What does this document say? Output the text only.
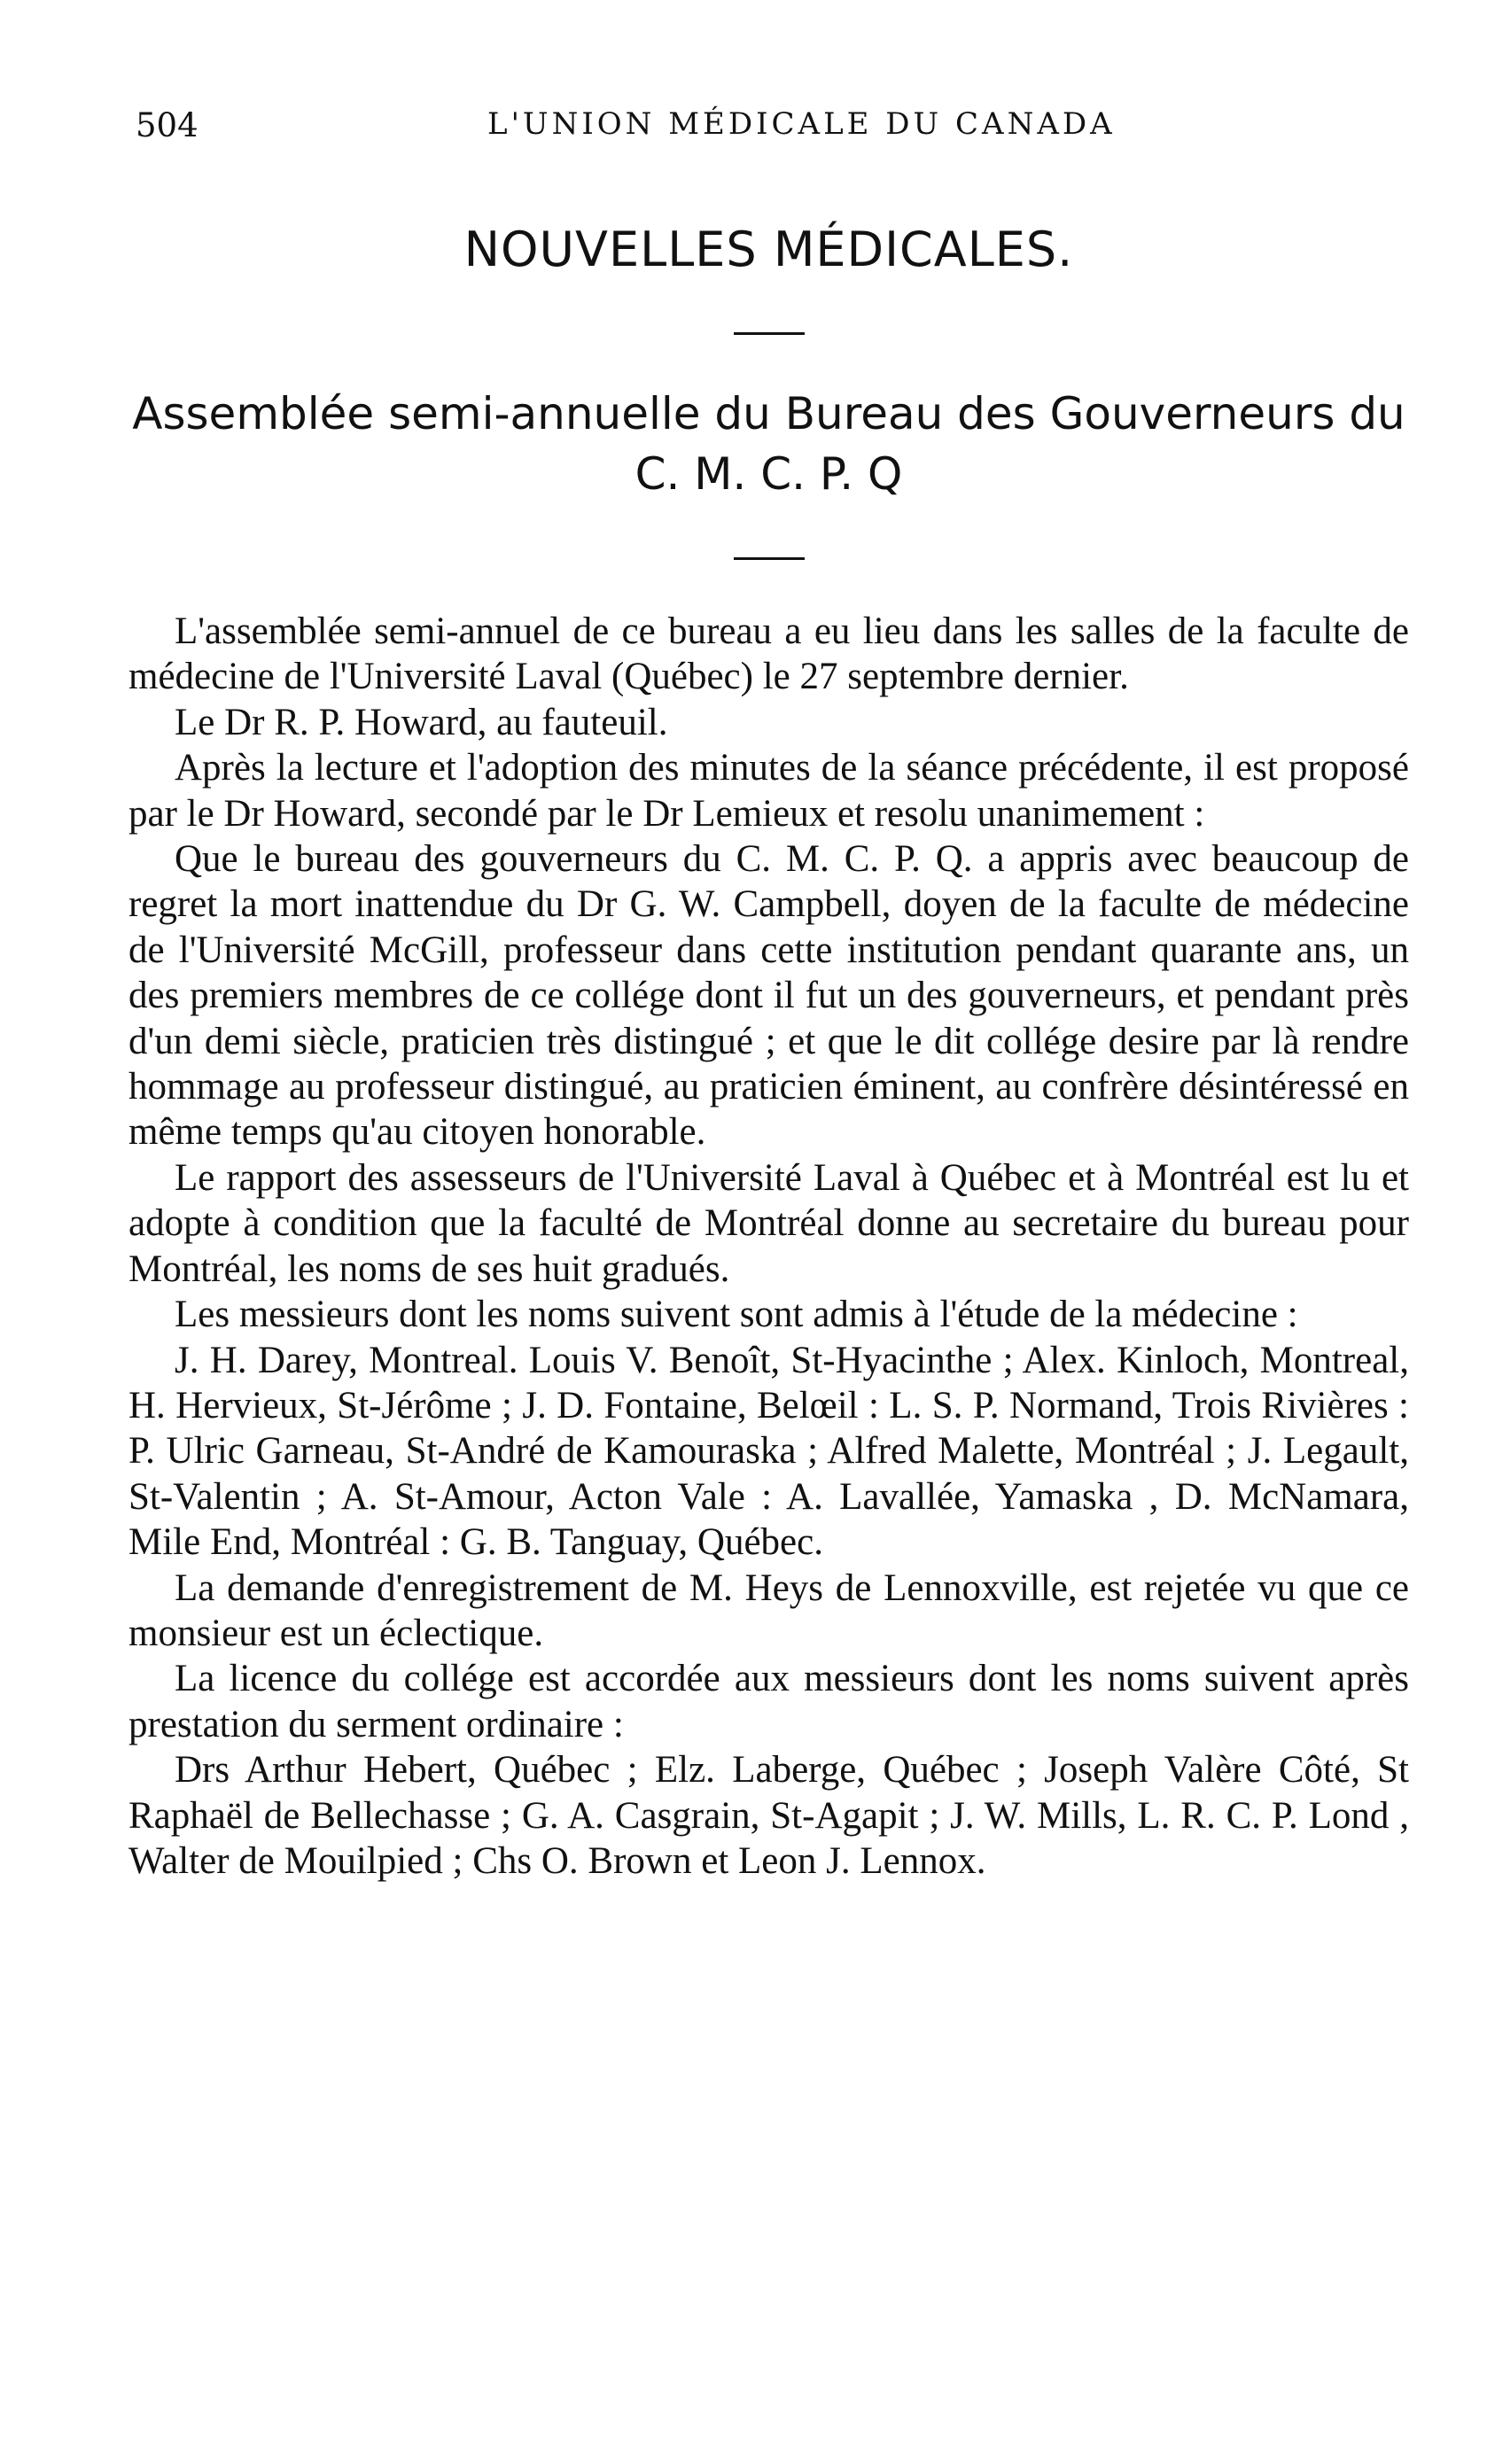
504	L'UNION MÉDICALE DU CANADA
NOUVELLES MÉDICALES.
Assemblée semi-annuelle du Bureau des Gouverneurs du C. M. C. P. Q

L'assemblée semi-annuel de ce bureau a eu lieu dans les salles de la faculte de médecine de l'Université Laval (Québec) le 27 septembre dernier.

Le Dr R. P. Howard, au fauteuil.

Après la lecture et l'adoption des minutes de la séance précédente, il est proposé par le Dr Howard, secondé par le Dr Lemieux et resolu unanimement :

Que le bureau des gouverneurs du C. M. C. P. Q. a appris avec beaucoup de regret la mort inattendue du Dr G. W. Campbell, doyen de la faculte de médecine de l'Université McGill, professeur dans cette institution pendant quarante ans, un des premiers membres de ce collége dont il fut un des gouverneurs, et pendant près d'un demi siècle, praticien très distingué ; et que le dit collége desire par là rendre hommage au professeur distingué, au praticien éminent, au confrère désintéressé en même temps qu'au citoyen honorable.

Le rapport des assesseurs de l'Université Laval à Québec et à Montréal est lu et adopte à condition que la faculté de Montréal donne au secretaire du bureau pour Montréal, les noms de ses huit gradués.

Les messieurs dont les noms suivent sont admis à l'étude de la médecine :

J. H. Darey, Montreal. Louis V. Benoît, St-Hyacinthe ; Alex. Kinloch, Montreal, H. Hervieux, St-Jérôme ; J. D. Fontaine, Belœil : L. S. P. Normand, Trois Rivières : P. Ulric Garneau, St-André de Kamouraska ; Alfred Malette, Montréal ; J. Legault, St-Valentin ; A. St-Amour, Acton Vale : A. Lavallée, Yamaska , D. McNamara, Mile End, Montréal : G. B. Tanguay, Québec.

La demande d'enregistrement de M. Heys de Lennoxville, est rejetée vu que ce monsieur est un éclectique.

La licence du collége est accordée aux messieurs dont les noms suivent après prestation du serment ordinaire :

Drs Arthur Hebert, Québec ; Elz. Laberge, Québec ; Joseph Valère Côté, St Raphaël de Bellechasse ; G. A. Casgrain, St-Agapit ; J. W. Mills, L. R. C. P. Lond , Walter de Mouilpied ; Chs O. Brown et Leon J. Lennox.
